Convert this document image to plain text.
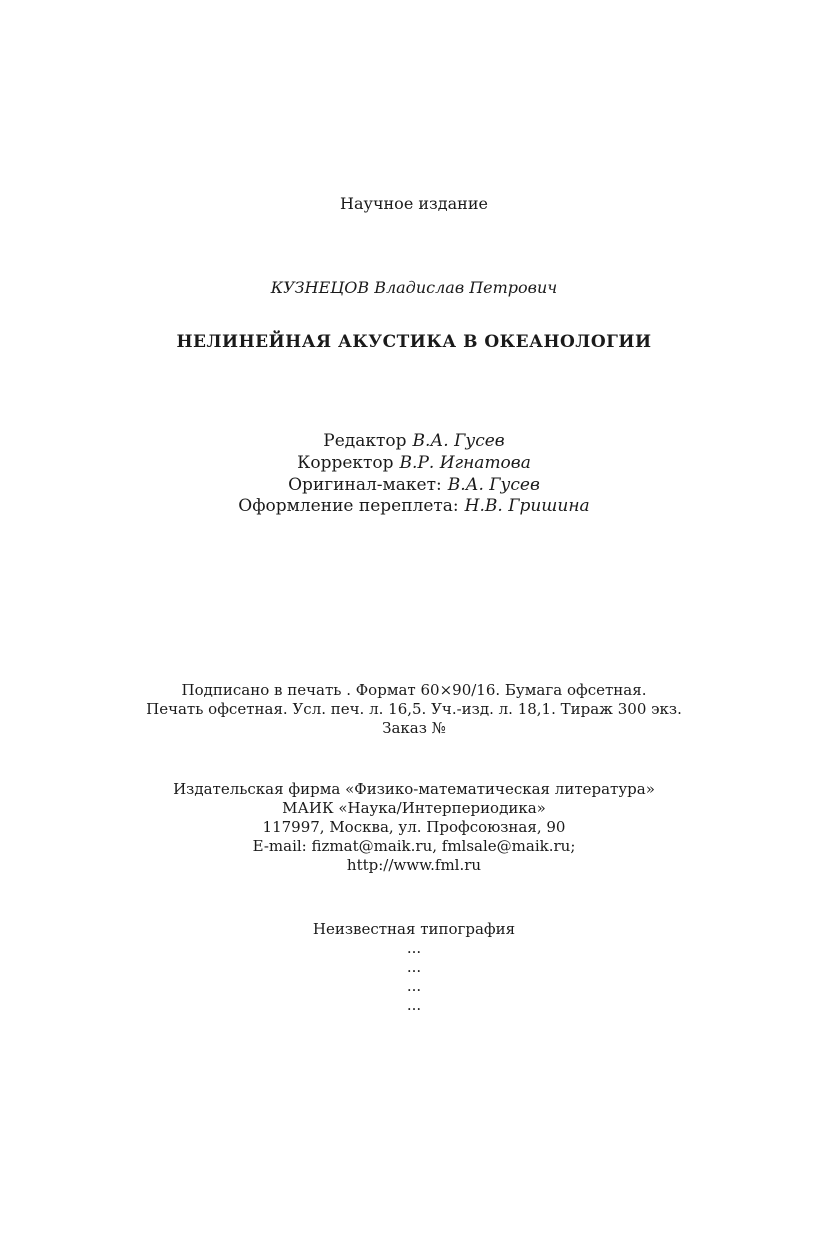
Научное издание
КУЗНЕЦОВ Владислав Петрович
НЕЛИНЕЙНАЯ АКУСТИКА В ОКЕАНОЛОГИИ
Редактор В.А. Гусев
Корректор В.Р. Игнатова
Оригинал-макет: В.А. Гусев
Оформление переплета: Н.В. Гришина
Подписано в печать . Формат 60×90/16. Бумага офсетная.
Печать офсетная. Усл. печ. л. 16,5. Уч.-изд. л. 18,1. Тираж 300 экз.
Заказ №
Издательская фирма «Физико-математическая литература»
МАИК «Наука/Интерпериодика»
117997, Москва, ул. Профсоюзная, 90
E-mail: fizmat@maik.ru, fmlsale@maik.ru;
http://www.fml.ru
Неизвестная типография
...
...
...
...
